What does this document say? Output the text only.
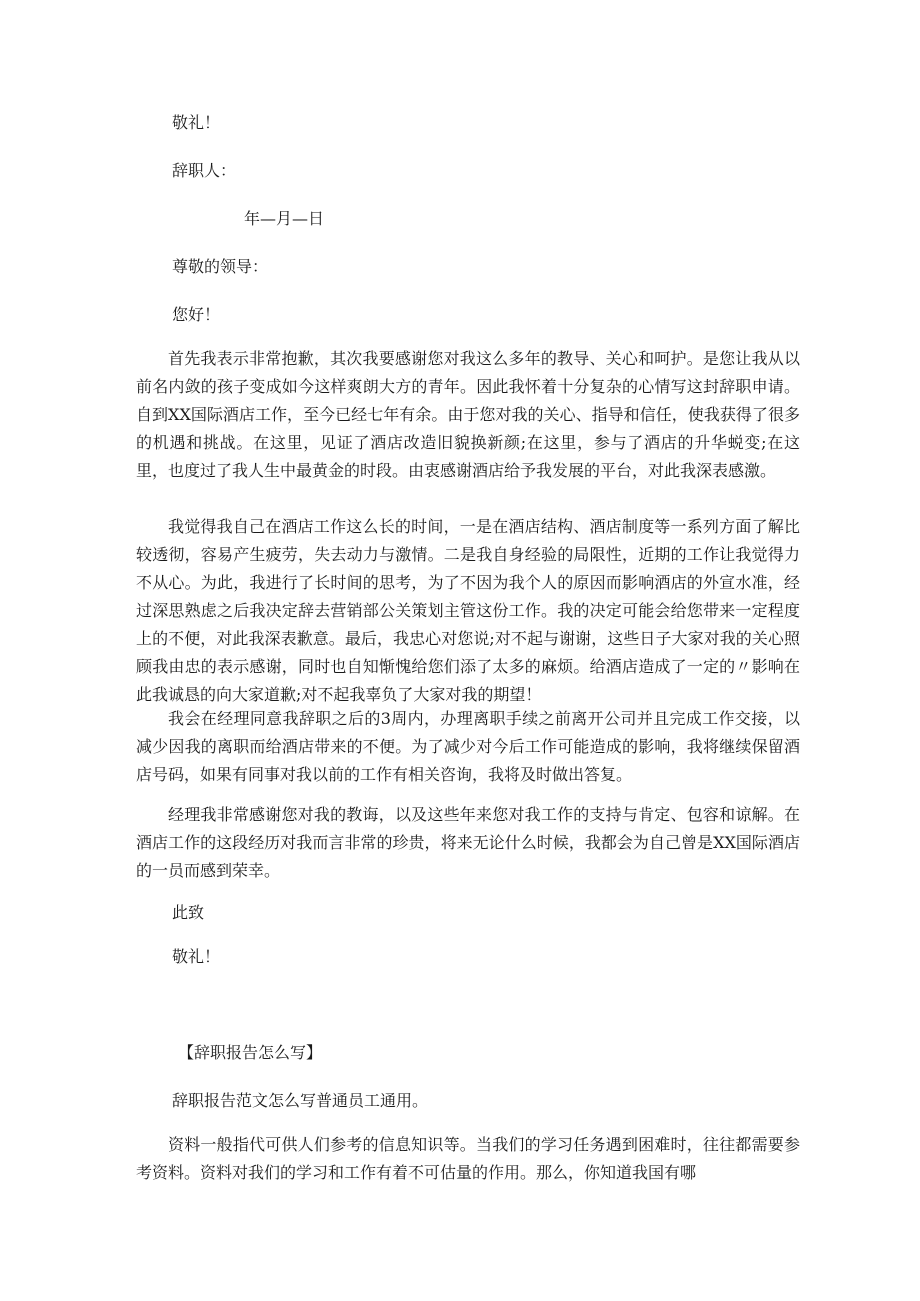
敬礼！

辞职人：

年—月—日

尊敬的领导：

您好！

首先我表示非常抱歉，其次我要感谢您对我这么多年的教导、关心和呵护。是您让我从以前名内敛的孩子变成如今这样爽朗大方的青年。因此我怀着十分复杂的心情写这封辞职申请。自到XX国际酒店工作，至今已经七年有余。由于您对我的关心、指导和信任，使我获得了很多的机遇和挑战。在这里，见证了酒店改造旧貌换新颜;在这里，参与了酒店的升华蜕变;在这里，也度过了我人生中最黄金的时段。由衷感谢酒店给予我发展的平台，对此我深表感激。

我觉得我自己在酒店工作这么长的时间，一是在酒店结构、酒店制度等一系列方面了解比较透彻，容易产生疲劳，失去动力与激情。二是我自身经验的局限性，近期的工作让我觉得力不从心。为此，我进行了长时间的思考，为了不因为我个人的原因而影响酒店的外宣水准，经过深思熟虑之后我决定辞去营销部公关策划主管这份工作。我的决定可能会给您带来一定程度上的不便，对此我深表歉意。最后，我忠心对您说;对不起与谢谢，这些日子大家对我的关心照顾我由忠的表示感谢，同时也自知惭愧给您们添了太多的麻烦。给酒店造成了一定的〃影响在此我诚恳的向大家道歉;对不起我辜负了大家对我的期望！

我会在经理同意我辞职之后的3周内，办理离职手续之前离开公司并且完成工作交接，以减少因我的离职而给酒店带来的不便。为了减少对今后工作可能造成的影响，我将继续保留酒店号码，如果有同事对我以前的工作有相关咨询，我将及时做出答复。

经理我非常感谢您对我的教诲，以及这些年来您对我工作的支持与肯定、包容和谅解。在酒店工作的这段经历对我而言非常的珍贵，将来无论什么时候，我都会为自己曾是XX国际酒店的一员而感到荣幸。

此致

敬礼！

【辞职报告怎么写】

辞职报告范文怎么写普通员工通用。

资料一般指代可供人们参考的信息知识等。当我们的学习任务遇到困难时，往往都需要参考资料。资料对我们的学习和工作有着不可估量的作用。那么，你知道我国有哪
